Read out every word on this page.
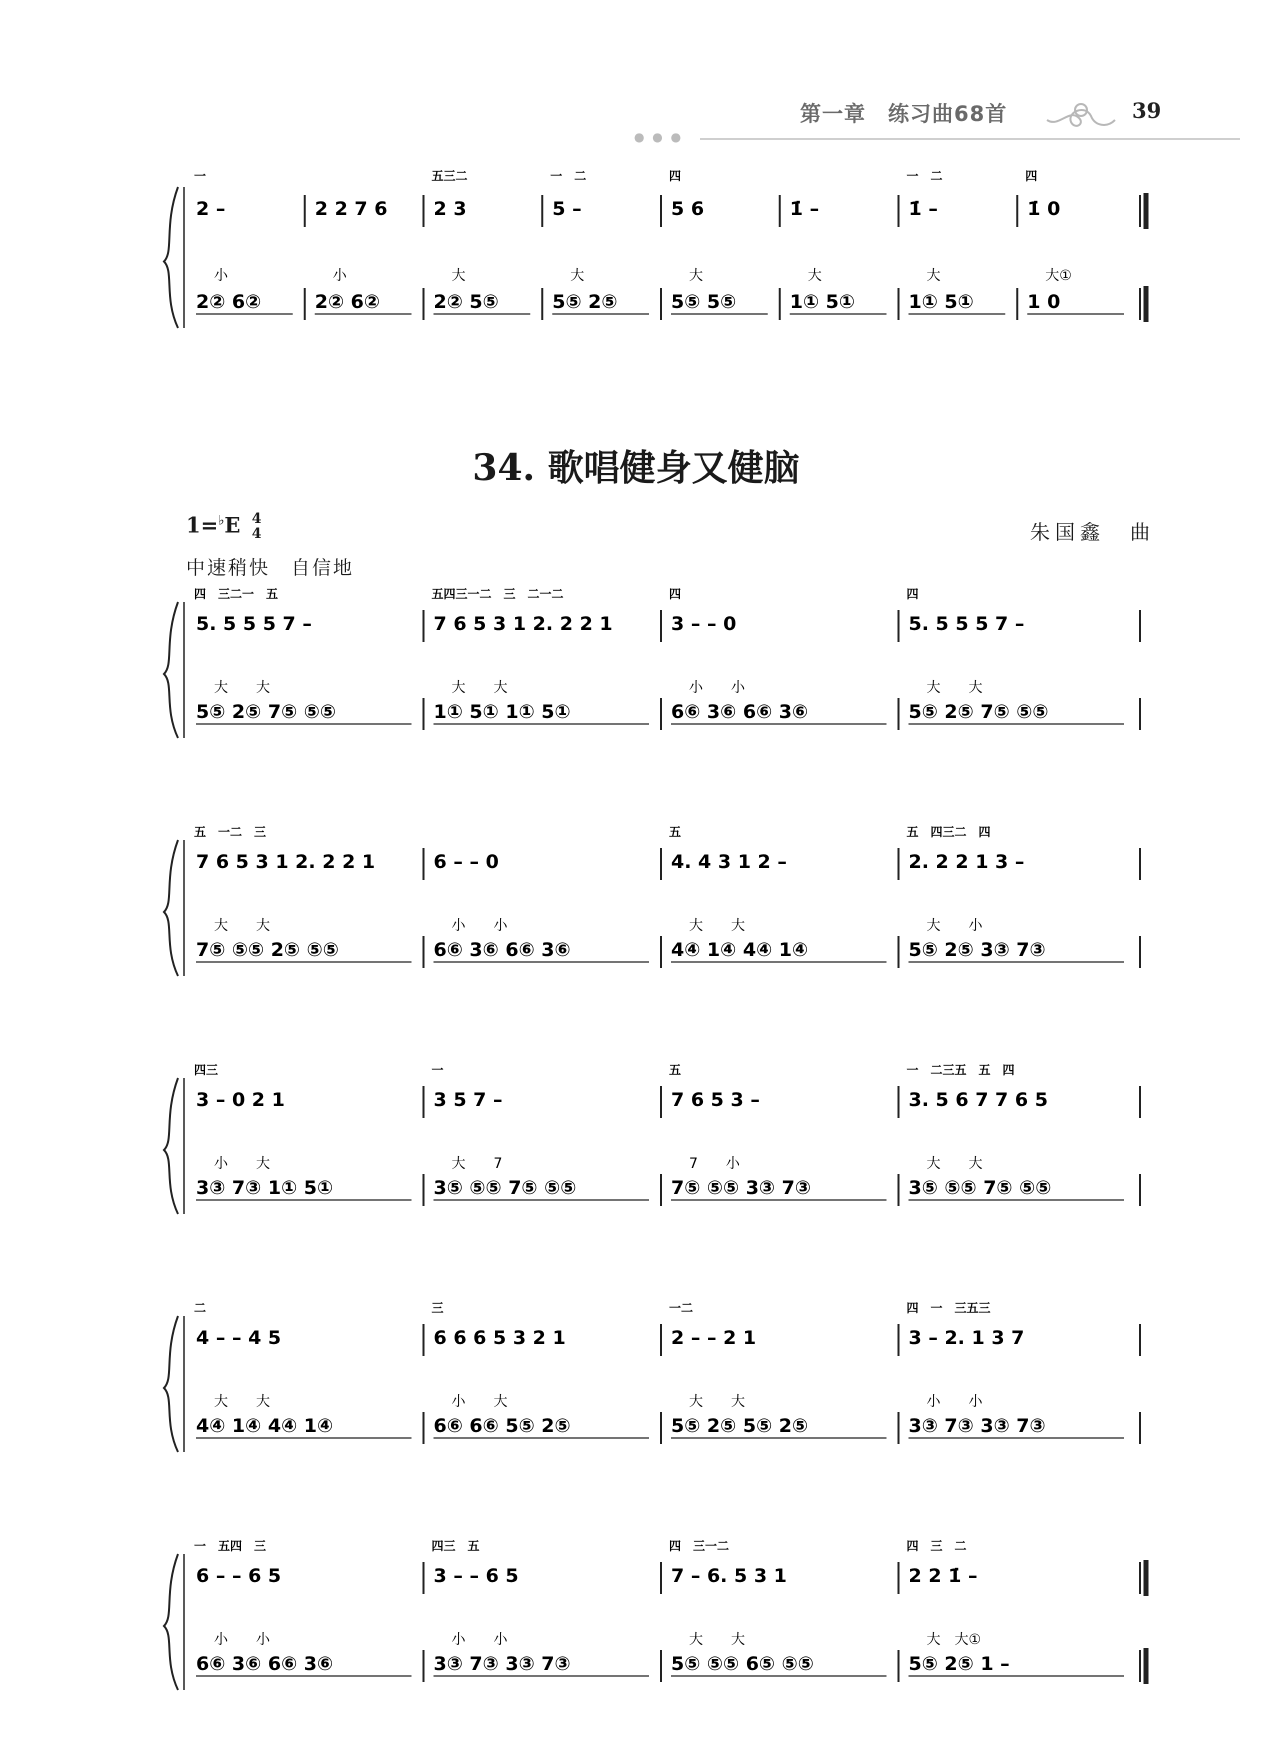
● ● ●
第一章　练习曲68首	39
一
2 –
小
2② 6②
2 2 7 6
小
2② 6②
五三二
2 3
大
2② 5⑤
一　二
5 –
大
5⑤ 2⑤
四
5 6
大
5⑤ 5⑤
1̇ –
大
1① 5①
一　二
1̇ –
大
1① 5①
四
1̇ 0
大①
1 0
34. 歌唱健身又健脑
1=♭E 4
4	朱国鑫　曲
中速稍快　自信地
四　三二一　五
5. 5 5 5 7 –
大　　大
5⑤ 2⑤ 7⑤ ⑤⑤
五四三一二　三　二一二
7 6 5 3 1 2. 2 2 1
大　　大
1① 5① 1① 5①
四
3 – – 0
小　　小
6⑥ 3⑥ 6⑥ 3⑥
四
5. 5 5 5 7 –
大　　大
5⑤ 2⑤ 7⑤ ⑤⑤
五　一二　三
7 6 5 3 1 2. 2 2 1
大　　大
7⑤ ⑤⑤ 2⑤ ⑤⑤
6 – – 0
小　　小
6⑥ 3⑥ 6⑥ 3⑥
五
4. 4 3 1 2 –
大　　大
4④ 1④ 4④ 1④
五　四三二　四
2. 2 2 1 3 –
大　　小
5⑤ 2⑤ 3③ 7③
四三
3 – 0 2 1
小　　大
3③ 7③ 1① 5①
一
3 5 7 –
大　　7
3⑤ ⑤⑤ 7⑤ ⑤⑤
五
7 6 5 3 –
7　　小
7⑤ ⑤⑤ 3③ 7③
一　二三五　五　四
3. 5 6 7 7 6 5
大　　大
3⑤ ⑤⑤ 7⑤ ⑤⑤
二
4 – – 4 5
大　　大
4④ 1④ 4④ 1④
三
6 6 6 5 3 2 1
小　　大
6⑥ 6⑥ 5⑤ 2⑤
一二
2 – – 2 1
大　　大
5⑤ 2⑤ 5⑤ 2⑤
四　一　三五三
3 – 2. 1 3 7
小　　小
3③ 7③ 3③ 7③
一　五四　三
6 – – 6 5
小　　小
6⑥ 3⑥ 6⑥ 3⑥
四三　五
3 – – 6 5
小　　小
3③ 7③ 3③ 7③
四　三一二
7 – 6. 5 3 1
大　　大
5⑤ ⑤⑤ 6⑤ ⑤⑤
四　三　二
2 2 1̇ –
大　大①
5⑤ 2⑤ 1 –
